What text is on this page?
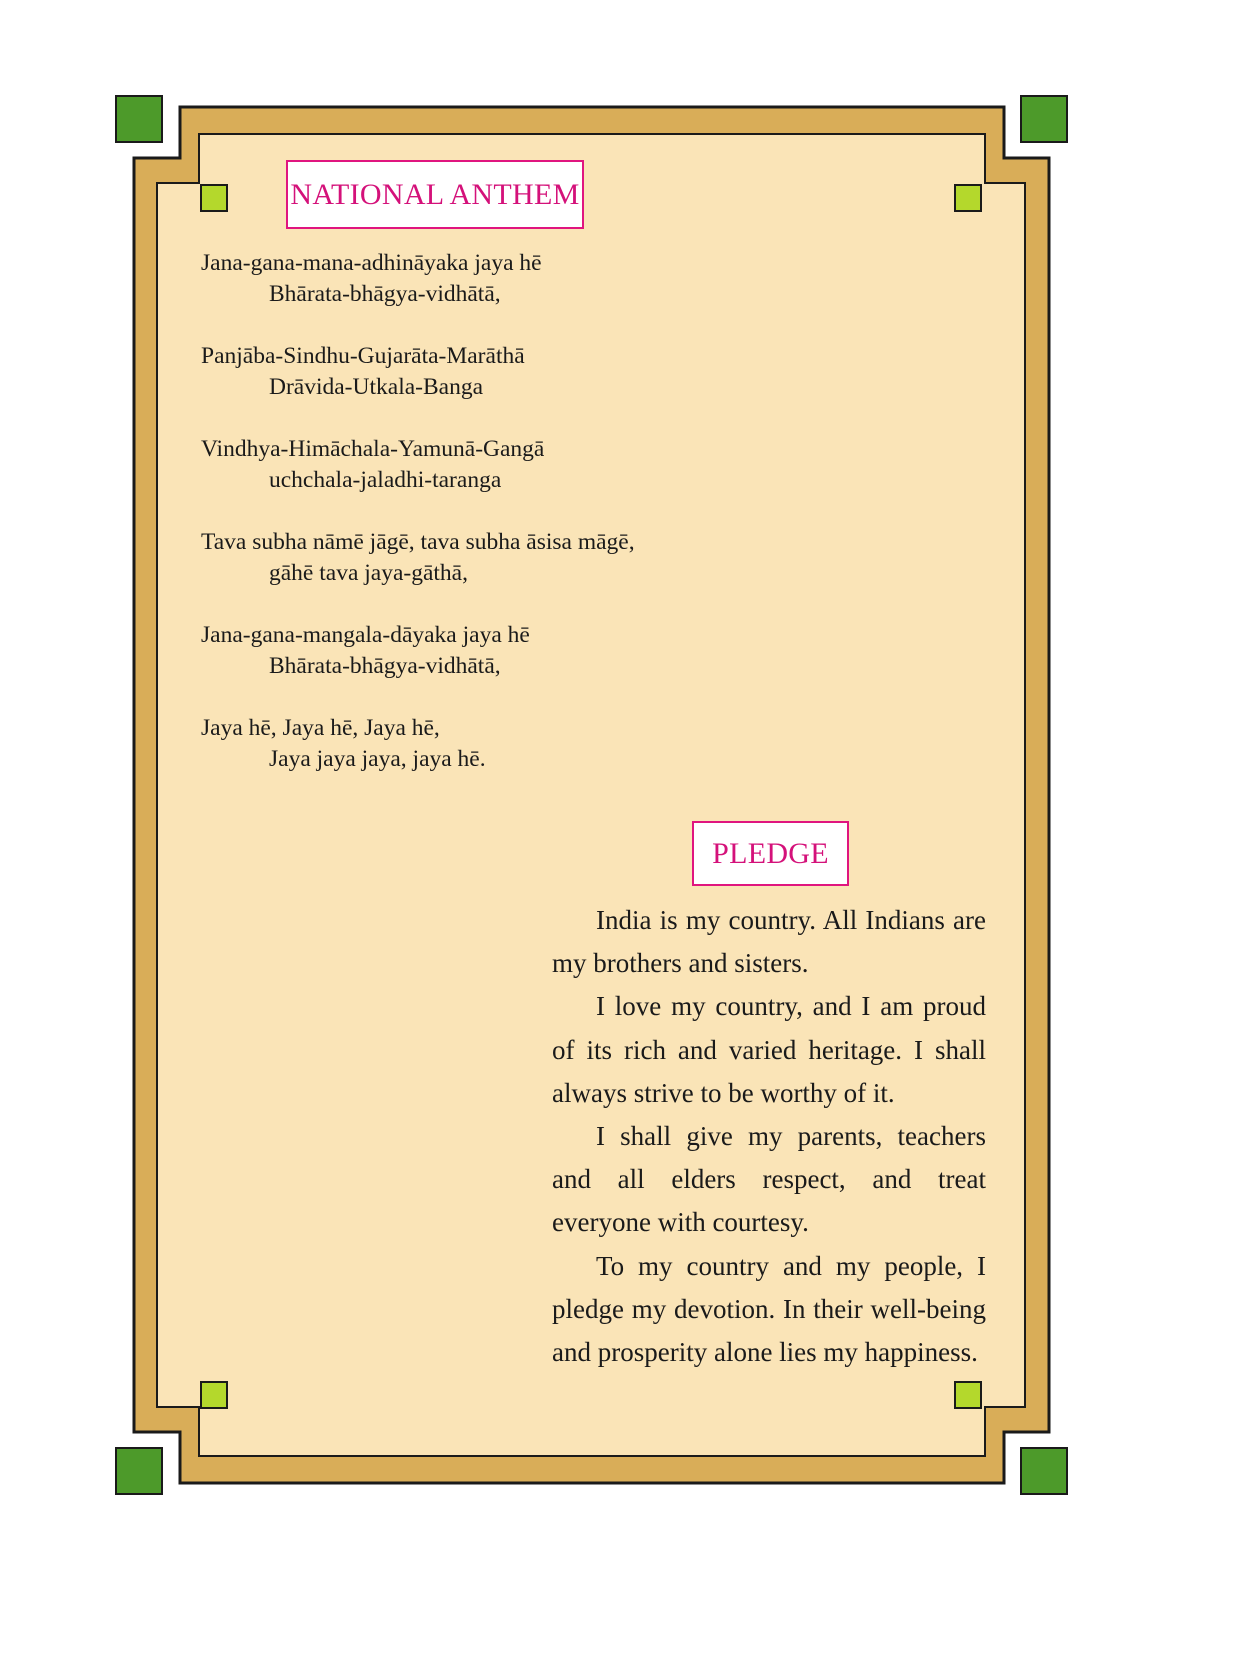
NATIONAL ANTHEM
Jana-gana-mana-adhināyaka jaya hē
Bhārata-bhāgya-vidhātā,
Panjāba-Sindhu-Gujarāta-Marāthā
Drāvida-Utkala-Banga
Vindhya-Himāchala-Yamunā-Gangā
uchchala-jaladhi-taranga
Tava subha nāmē jāgē, tava subha āsisa māgē,
gāhē tava jaya-gāthā,
Jana-gana-mangala-dāyaka jaya hē
Bhārata-bhāgya-vidhātā,
Jaya hē, Jaya hē, Jaya hē,
Jaya jaya jaya, jaya hē.
PLEDGE

India is my country. All Indians are my brothers and sisters.

I love my country, and I am proud of its rich and varied heritage. I shall always strive to be worthy of it.

I shall give my parents, teachers and all elders respect, and treat everyone with courtesy.

To my country and my people, I pledge my devotion. In their well-being and prosperity alone lies my happiness.
